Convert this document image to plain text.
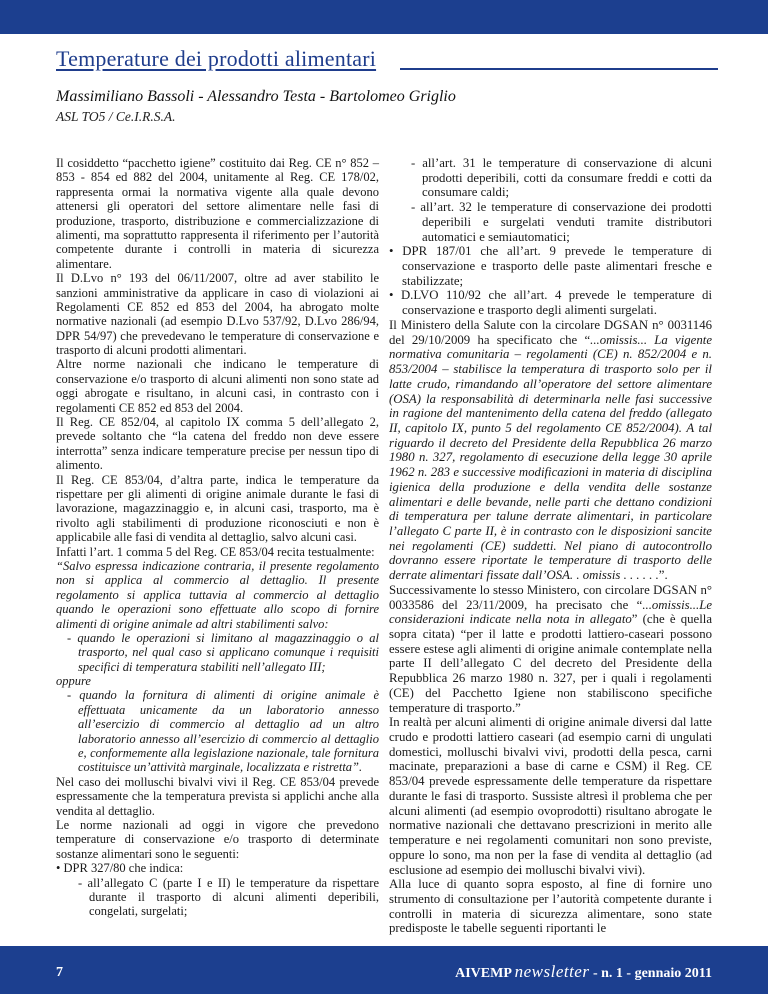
Temperature dei prodotti alimentari
Massimiliano Bassoli - Alessandro Testa - Bartolomeo Griglio
ASL TO5 / Ce.I.R.S.A.

Il cosiddetto “pacchetto igiene” costituito dai Reg. CE n° 852 – 853 - 854 ed 882 del 2004, unitamente al Reg. CE 178/02, rappresenta ormai la normativa vigente alla quale devono attenersi gli operatori del settore alimentare nelle fasi di produzione, trasporto, distribuzione e commercializzazione di alimenti, ma soprattutto rappresenta il riferimento per l’autorità competente durante i controlli in materia di sicurezza alimentare.

Il D.Lvo n° 193 del 06/11/2007, oltre ad aver stabilito le sanzioni amministrative da applicare in caso di violazioni ai Regolamenti CE 852 ed 853 del 2004, ha abrogato molte normative nazionali (ad esempio D.Lvo 537/92, D.Lvo 286/94, DPR 54/97) che prevedevano le temperature di conservazione e trasporto di alcuni prodotti alimentari.

Altre norme nazionali che indicano le temperature di conservazione e/o trasporto di alcuni alimenti non sono state ad oggi abrogate e risultano, in alcuni casi, in contrasto con i regolamenti CE 852 ed 853 del 2004.

Il Reg. CE 852/04, al capitolo IX comma 5 dell’allegato 2, prevede soltanto che “la catena del freddo non deve essere interrotta” senza indicare temperature precise per nessun tipo di alimento.

Il Reg. CE 853/04, d’altra parte, indica le temperature da rispettare per gli alimenti di origine animale durante le fasi di lavorazione, magazzinaggio e, in alcuni casi, trasporto, ma è rivolto agli stabilimenti di produzione riconosciuti e non è applicabile alle fasi di vendita al dettaglio, salvo alcuni casi.

Infatti l’art. 1 comma 5 del Reg. CE 853/04 recita testualmente:

“Salvo espressa indicazione contraria, il presente regolamento non si applica al commercio al dettaglio. Il presente regolamento si applica tuttavia al commercio al dettaglio quando le operazioni sono effettuate allo scopo di fornire alimenti di origine animale ad altri stabilimenti salvo:

- quando le operazioni si limitano al magazzinaggio o al trasporto, nel qual caso si applicano comunque i requisiti specifici di temperatura stabiliti nell’allegato III;

oppure

- quando la fornitura di alimenti di origine animale è effettuata unicamente da un laboratorio annesso all’esercizio di commercio al dettaglio ad un altro laboratorio annesso all’esercizio di commercio al dettaglio e, conformemente alla legislazione nazionale, tale fornitura costituisce un’attività marginale, localizzata e ristretta”.

Nel caso dei molluschi bivalvi vivi il Reg. CE 853/04 prevede espressamente che la temperatura prevista si applichi anche alla vendita al dettaglio.

Le norme nazionali ad oggi in vigore che prevedono temperature di conservazione e/o trasporto di determinate sostanze alimentari sono le seguenti:

• DPR 327/80 che indica:

- all’allegato C (parte I e II) le temperature da rispettare durante il trasporto di alcuni alimenti deperibili, congelati, surgelati;

- all’art. 31 le temperature di conservazione di alcuni prodotti deperibili, cotti da consumare freddi e cotti da consumare caldi;

- all’art. 32 le temperature di conservazione dei prodotti deperibili e surgelati venduti tramite distributori automatici e semiautomatici;

• DPR 187/01 che all’art. 9 prevede le temperature di conservazione e trasporto delle paste alimentari fresche e stabilizzate;

• D.LVO 110/92 che all’art. 4 prevede le temperature di conservazione e trasporto degli alimenti surgelati.

Il Ministero della Salute con la circolare DGSAN n° 0031146 del 29/10/2009 ha specificato che “...omissis... La vigente normativa comunitaria – regolamenti (CE) n. 852/2004 e n. 853/2004 – stabilisce la temperatura di trasporto solo per il latte crudo, rimandando all’operatore del settore alimentare (OSA) la responsabilità di determinarla nelle fasi successive in ragione del mantenimento della catena del freddo (allegato II, capitolo IX, punto 5 del regolamento CE 852/2004). A tal riguardo il decreto del Presidente della Repubblica 26 marzo 1980 n. 327, regolamento di esecuzione della legge 30 aprile 1962 n. 283 e successive modificazioni in materia di disciplina igienica della produzione e della vendita delle sostanze alimentari e delle bevande, nelle parti che dettano condizioni di temperatura per talune derrate alimentari, in particolare l’allegato C parte II, è in contrasto con le disposizioni sancite nei regolamenti (CE) suddetti. Nel piano di autocontrollo dovranno essere riportate le temperature di trasporto delle derrate alimentari fissate dall’OSA. . omissis . . . . . .”.

Successivamente lo stesso Ministero, con circolare DGSAN n° 0033586 del 23/11/2009, ha precisato che “...omissis...Le considerazioni indicate nella nota in allegato” (che è quella sopra citata) “per il latte e prodotti lattiero-caseari possono essere estese agli alimenti di origine animale contemplate nella parte II dell’allegato C del decreto del Presidente della Repubblica 26 marzo 1980 n. 327, per i quali i regolamenti (CE) del Pacchetto Igiene non stabiliscono specifiche temperature di trasporto.”

In realtà per alcuni alimenti di origine animale diversi dal latte crudo e prodotti lattiero caseari (ad esempio carni di ungulati domestici, molluschi bivalvi vivi, prodotti della pesca, carni macinate, preparazioni a base di carne e CSM) il Reg. CE 853/04 prevede espressamente delle temperature da rispettare durante le fasi di trasporto. Sussiste altresì il problema che per alcuni alimenti (ad esempio ovoprodotti) risultano abrogate le normative nazionali che dettavano prescrizioni in merito alle temperature e nei regolamenti comunitari non sono previste, oppure lo sono, ma non per la fase di vendita al dettaglio (ad esclusione ad esempio dei molluschi bivalvi vivi).

Alla luce di quanto sopra esposto, al fine di fornire uno strumento di consultazione per l’autorità competente durante i controlli in materia di sicurezza alimentare, sono state predisposte le tabelle seguenti riportanti le

7	AIVEMP newsletter - n. 1 - gennaio 2011
